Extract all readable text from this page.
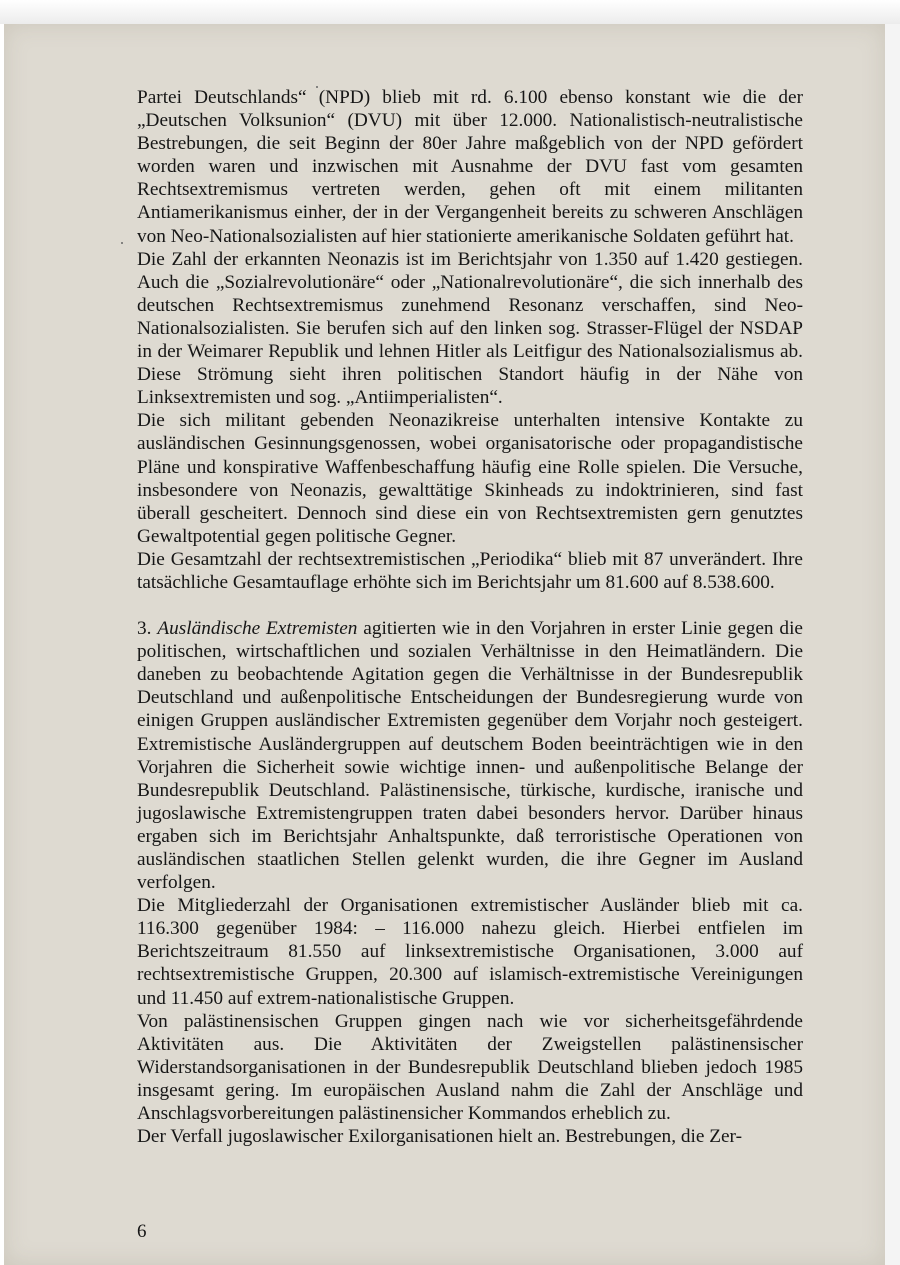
Partei Deutschlands“ (NPD) blieb mit rd. 6.100 ebenso konstant wie die der „Deutschen Volksunion“ (DVU) mit über 12.000. Nationalistisch-neutralistische Bestrebungen, die seit Beginn der 80er Jahre maßgeblich von der NPD gefördert worden waren und inzwischen mit Ausnahme der DVU fast vom gesamten Rechtsextremismus vertreten werden, gehen oft mit einem militanten Antiamerikanismus einher, der in der Vergangenheit bereits zu schweren Anschlägen von Neo-Nationalsozialisten auf hier stationierte amerikanische Soldaten geführt hat.

Die Zahl der erkannten Neonazis ist im Berichtsjahr von 1.350 auf 1.420 gestiegen. Auch die „Sozialrevolutionäre“ oder „Nationalrevolutionäre“, die sich innerhalb des deutschen Rechtsextremismus zunehmend Resonanz verschaffen, sind Neo-Nationalsozialisten. Sie berufen sich auf den linken sog. Strasser-Flügel der NSDAP in der Weimarer Republik und lehnen Hitler als Leitfigur des Nationalsozialismus ab. Diese Strömung sieht ihren politischen Standort häufig in der Nähe von Linksextremisten und sog. „Antiimperialisten“.

Die sich militant gebenden Neonazikreise unterhalten intensive Kontakte zu ausländischen Gesinnungsgenossen, wobei organisatorische oder propagandistische Pläne und konspirative Waffenbeschaffung häufig eine Rolle spielen. Die Versuche, insbesondere von Neonazis, gewalttätige Skinheads zu indoktrinieren, sind fast überall gescheitert. Dennoch sind diese ein von Rechtsextremisten gern genutztes Gewaltpotential gegen politische Gegner.

Die Gesamtzahl der rechtsextremistischen „Periodika“ blieb mit 87 unverändert. Ihre tatsächliche Gesamtauflage erhöhte sich im Berichtsjahr um 81.600 auf 8.538.600.

3. Ausländische Extremisten agitierten wie in den Vorjahren in erster Linie gegen die politischen, wirtschaftlichen und sozialen Verhältnisse in den Heimatländern. Die daneben zu beobachtende Agitation gegen die Verhältnisse in der Bundesrepublik Deutschland und außenpolitische Entscheidungen der Bundesregierung wurde von einigen Gruppen ausländischer Extremisten gegenüber dem Vorjahr noch gesteigert. Extremistische Ausländergruppen auf deutschem Boden beeinträchtigen wie in den Vorjahren die Sicherheit sowie wichtige innen- und außenpolitische Belange der Bundesrepublik Deutschland. Palästinensische, türkische, kurdische, iranische und jugoslawische Extremistengruppen traten dabei besonders hervor. Darüber hinaus ergaben sich im Berichtsjahr Anhaltspunkte, daß terroristische Operationen von ausländischen staatlichen Stellen gelenkt wurden, die ihre Gegner im Ausland verfolgen.

Die Mitgliederzahl der Organisationen extremistischer Ausländer blieb mit ca. 116.300 gegenüber 1984: – 116.000 nahezu gleich. Hierbei entfielen im Berichtszeitraum 81.550 auf linksextremistische Organisationen, 3.000 auf rechtsextremistische Gruppen, 20.300 auf islamisch-extremistische Vereinigungen und 11.450 auf extrem-nationalistische Gruppen.

Von palästinensischen Gruppen gingen nach wie vor sicherheitsgefährdende Aktivitäten aus. Die Aktivitäten der Zweigstellen palästinensischer Widerstandsorganisationen in der Bundesrepublik Deutschland blieben jedoch 1985 insgesamt gering. Im europäischen Ausland nahm die Zahl der Anschläge und Anschlagsvorbereitungen palästinensicher Kommandos erheblich zu.

Der Verfall jugoslawischer Exilorganisationen hielt an. Bestrebungen, die Zer-

6
